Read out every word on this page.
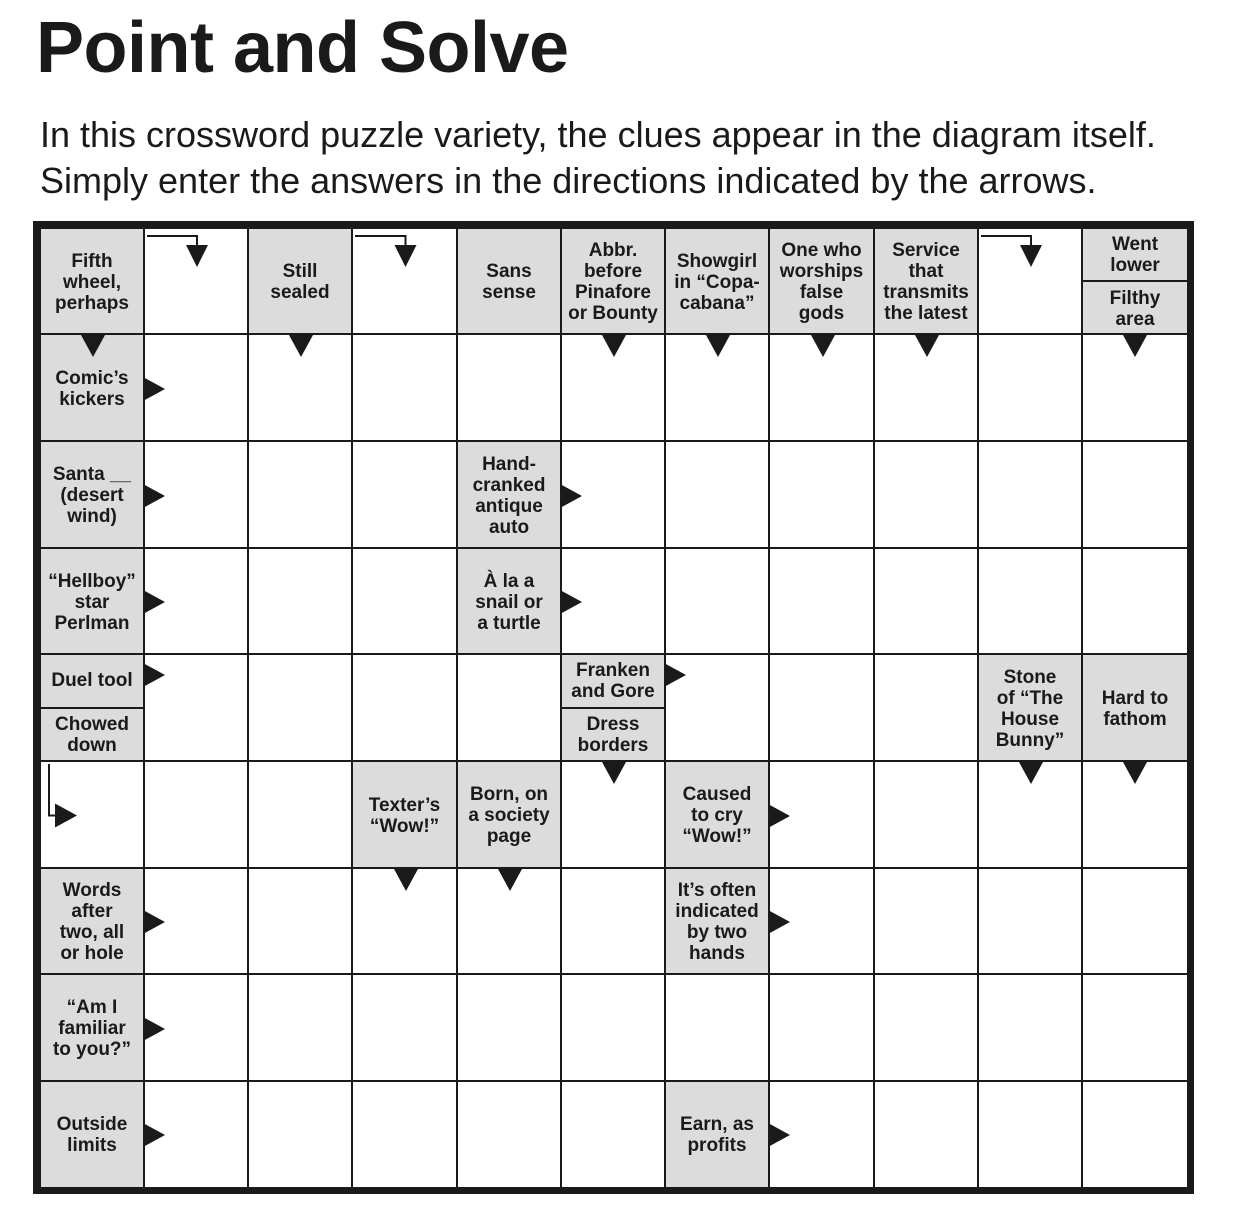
Point and Solve

In this crossword puzzle variety, the clues appear in the diagram itself.
Simply enter the answers in the directions indicated by the arrows.

Fifth
wheel,
perhaps
Still
sealed
Sans
sense
Abbr.
before
Pinafore
or Bounty
Showgirl
in “Copa-
cabana”
One who
worships
false
gods
Service
that
transmits
the latest
Went
lower
Filthy
area
Comic’s
kickers
Santa __
(desert
wind)
Hand-
cranked
antique
auto
“Hellboy”
star
Perlman
À la a
snail or
a turtle
Duel tool
Chowed
down
Franken
and Gore
Dress
borders
Stone
of “The
House
Bunny”
Hard to
fathom
Texter’s
“Wow!”
Born, on
a society
page
Caused
to cry
“Wow!”
Words
after
two, all
or hole
It’s often
indicated
by two
hands
“Am I
familiar
to you?”
Outside
limits
Earn, as
profits
